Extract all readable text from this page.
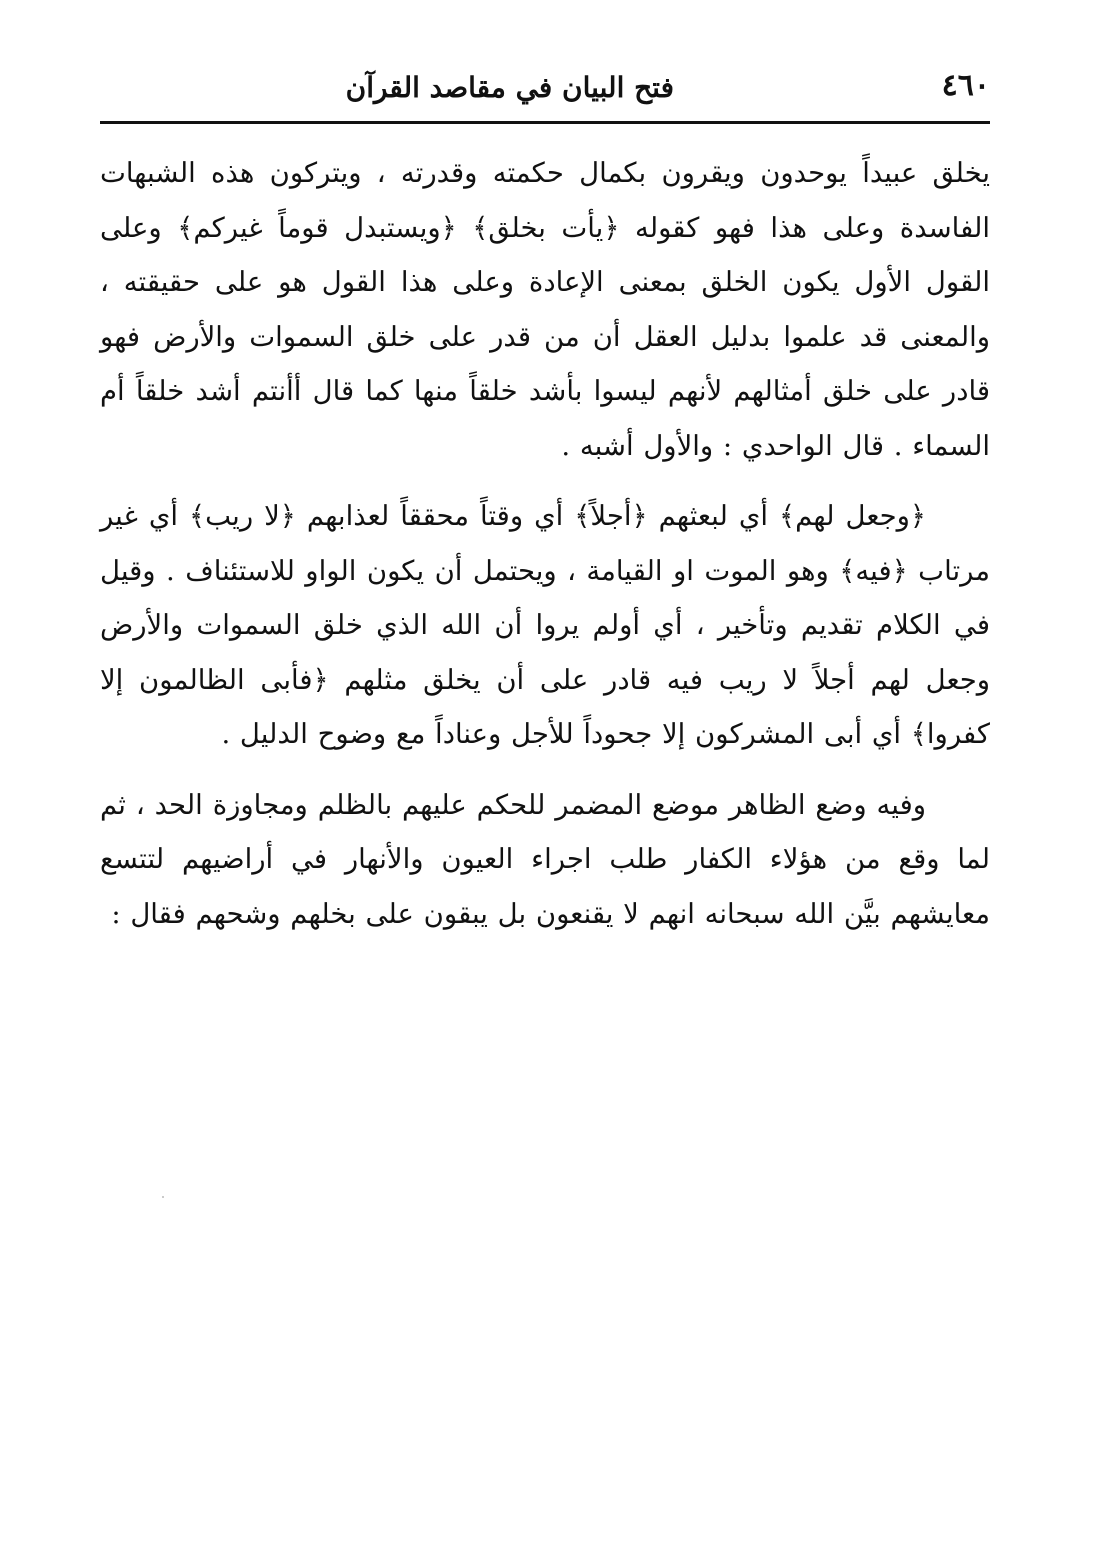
٤٦٠
فتح البيان في مقاصد القرآن

يخلق عبيداً يوحدون ويقرون بكمال حكمته وقدرته ، ويتركون هذه الشبهات الفاسدة وعلى هذا فهو كقوله ﴿يأت بخلق﴾ ﴿ويستبدل قوماً غيركم﴾ وعلى القول الأول يكون الخلق بمعنى الإعادة وعلى هذا القول هو على حقيقته ، والمعنى قد علموا بدليل العقل أن من قدر على خلق السموات والأرض فهو قادر على خلق أمثالهم لأنهم ليسوا بأشد خلقاً منها كما قال أأنتم أشد خلقاً أم السماء . قال الواحدي : والأول أشبه .

﴿وجعل لهم﴾ أي لبعثهم ﴿أجلاً﴾ أي وقتاً محققاً لعذابهم ﴿لا ريب﴾ أي غير مرتاب ﴿فيه﴾ وهو الموت او القيامة ، ويحتمل أن يكون الواو للاستئناف . وقيل في الكلام تقديم وتأخير ، أي أولم يروا أن الله الذي خلق السموات والأرض وجعل لهم أجلاً لا ريب فيه قادر على أن يخلق مثلهم ﴿فأبى الظالمون إلا كفروا﴾ أي أبى المشركون إلا جحوداً للأجل وعناداً مع وضوح الدليل .

وفيه وضع الظاهر موضع المضمر للحكم عليهم بالظلم ومجاوزة الحد ، ثم لما وقع من هؤلاء الكفار طلب اجراء العيون والأنهار في أراضيهم لتتسع معايشهم بيَّن الله سبحانه انهم لا يقنعون بل يبقون على بخلهم وشحهم فقال :
